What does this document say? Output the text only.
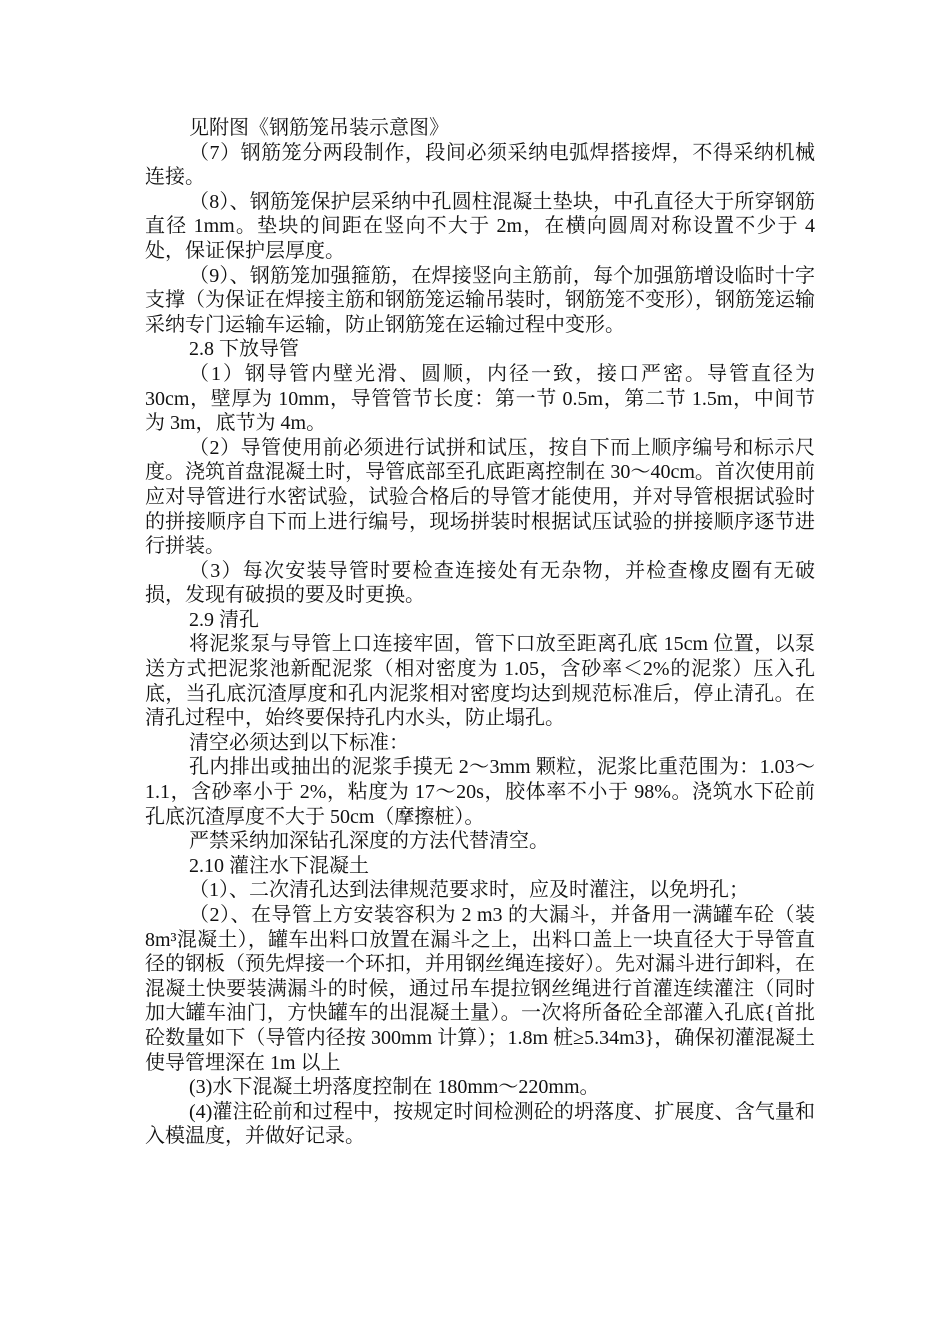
见附图《钢筋笼吊装示意图》

（7）钢筋笼分两段制作，段间必须采纳电弧焊搭接焊，不得采纳机械连接。

（8）、钢筋笼保护层采纳中孔圆柱混凝土垫块，中孔直径大于所穿钢筋直径 1mm。垫块的间距在竖向不大于 2m，在横向圆周对称设置不少于 4 处，保证保护层厚度。

（9）、钢筋笼加强箍筋，在焊接竖向主筋前，每个加强筋增设临时十字支撑（为保证在焊接主筋和钢筋笼运输吊装时，钢筋笼不变形），钢筋笼运输采纳专门运输车运输，防止钢筋笼在运输过程中变形。

2.8 下放导管

（1）钢导管内壁光滑、圆顺，内径一致，接口严密。导管直径为 30cm，壁厚为 10mm，导管管节长度：第一节 0.5m，第二节 1.5m，中间节为 3m，底节为 4m。

（2）导管使用前必须进行试拼和试压，按自下而上顺序编号和标示尺度。浇筑首盘混凝土时，导管底部至孔底距离控制在 30～40cm。首次使用前应对导管进行水密试验，试验合格后的导管才能使用，并对导管根据试验时的拼接顺序自下而上进行编号，现场拼装时根据试压试验的拼接顺序逐节进行拼装。

（3）每次安装导管时要检查连接处有无杂物，并检查橡皮圈有无破损，发现有破损的要及时更换。

2.9 清孔

将泥浆泵与导管上口连接牢固，管下口放至距离孔底 15cm 位置，以泵送方式把泥浆池新配泥浆（相对密度为 1.05，含砂率＜2%的泥浆）压入孔底，当孔底沉渣厚度和孔内泥浆相对密度均达到规范标准后，停止清孔。在清孔过程中，始终要保持孔内水头，防止塌孔。

清空必须达到以下标准：

孔内排出或抽出的泥浆手摸无 2～3mm 颗粒，泥浆比重范围为：1.03～1.1，含砂率小于 2%，粘度为 17～20s，胶体率不小于 98%。浇筑水下砼前孔底沉渣厚度不大于 50cm（摩擦桩）。

严禁采纳加深钻孔深度的方法代替清空。

2.10 灌注水下混凝土

（1）、二次清孔达到法律规范要求时，应及时灌注，以免坍孔；

（2）、在导管上方安装容积为 2 m3 的大漏斗，并备用一满罐车砼（装 8m³混凝土），罐车出料口放置在漏斗之上，出料口盖上一块直径大于导管直径的钢板（预先焊接一个环扣，并用钢丝绳连接好）。先对漏斗进行卸料，在混凝土快要装满漏斗的时候，通过吊车提拉钢丝绳进行首灌连续灌注（同时加大罐车油门，方快罐车的出混凝土量）。一次将所备砼全部灌入孔底{首批砼数量如下（导管内径按 300mm 计算）；1.8m 桩≥5.34m3}，确保初灌混凝土使导管埋深在 1m 以上

(3)水下混凝土坍落度控制在 180mm～220mm。

(4)灌注砼前和过程中，按规定时间检测砼的坍落度、扩展度、含气量和入模温度，并做好记录。
